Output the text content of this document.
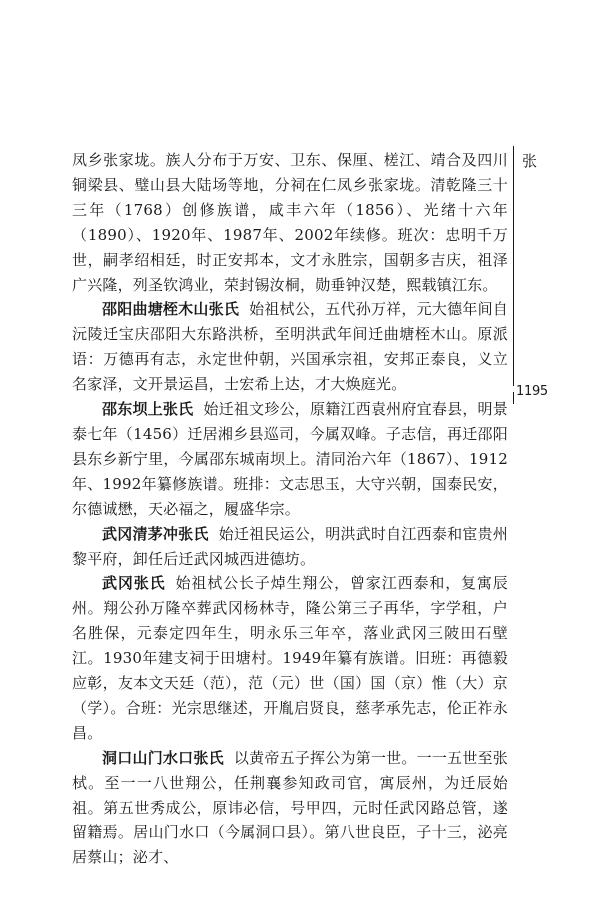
凤乡张家垅。族人分布于万安、卫东、保厘、槎江、靖合及四川铜梁县、璧山县大陆场等地，分祠在仁凤乡张家垅。清乾隆三十三年（1768）创修族谱，咸丰六年（1856）、光绪十六年（1890）、1920年、1987年、2002年续修。班次：忠明千万世，嗣孝绍相廷，时正安邦本，文才永胜宗，国朝多吉庆，祖泽广兴隆，列圣钦鸿业，荣封锡汝桐，勋垂钟汉楚，熙载镇江东。

邵阳曲塘桎木山张氏 始祖栻公，五代孙万祥，元大德年间自沅陵迁宝庆邵阳大东路洪桥，至明洪武年间迁曲塘桎木山。原派语：万德再有志，永定世仲朝，兴国承宗祖，安邦正泰良，义立名家泽，文开景运昌，士宏希上达，才大焕庭光。

邵东坝上张氏 始迁祖文珍公，原籍江西袁州府宜春县，明景泰七年（1456）迁居湘乡县巡司，今属双峰。子志信，再迁邵阳县东乡新宁里，今属邵东城南坝上。清同治六年（1867）、1912年、1992年纂修族谱。班排：文志思玉，大守兴朝，国泰民安，尔德诚懋，天必福之，履盛华宗。

武冈清茅冲张氏 始迁祖民运公，明洪武时自江西泰和宦贵州黎平府，卸任后迁武冈城西进德坊。

武冈张氏 始祖栻公长子焯生翔公，曾家江西泰和，复寓辰州。翔公孙万隆卒葬武冈杨林寺，隆公第三子再华，字学租，户名胜保，元泰定四年生，明永乐三年卒，落业武冈三陂田石壁江。1930年建支祠于田塘村。1949年纂有族谱。旧班：再德毅应彰，友本文天廷（范），范（元）世（国）国（京）惟（大）京（学）。合班：光宗思继述，开胤启贤良，慈孝承先志，伦正祚永昌。

洞口山门水口张氏 以黄帝五子挥公为第一世。一一五世至张栻。至一一八世翔公，任荆襄参知政司官，寓辰州，为迁辰始祖。第五世秀成公，原讳必信，号甲四，元时任武冈路总管，遂留籍焉。居山门水口（今属洞口县）。第八世良臣，子十三，泌亮居蔡山；泌才、

张
1195
